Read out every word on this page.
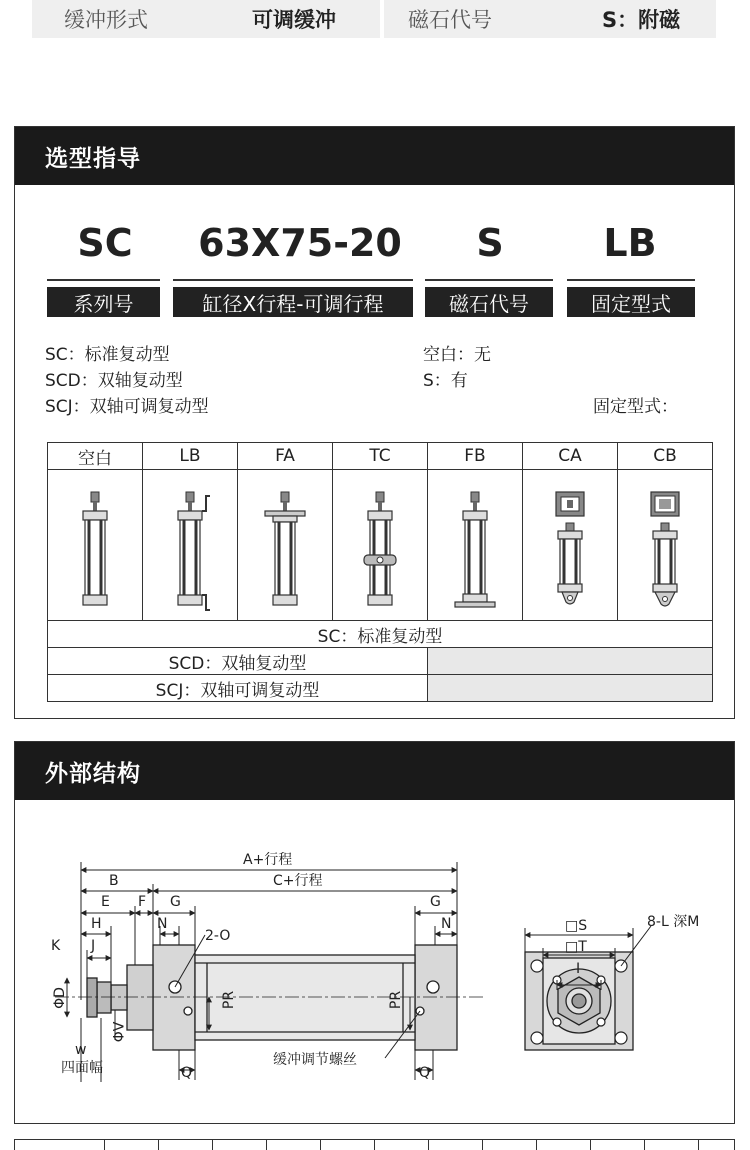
缓冲形式	可调缓冲	磁石代号	S：附磁
选型指导
SC	63X75-20	S	LB
系列号	缸径X行程-可调行程	磁石代号	固定型式
SC：标准复动型
SCD：双轴复动型
SCJ：双轴可调复动型
空白：无
S：有
固定型式：
空白	LB	FA	TC	FB	CA	CB

SC：标准复动型						
SCD：双轴复动型						
SCJ：双轴可调复动型						
外部结构
A+行程
C+行程
B
E F G	G
H	N	N
2-O
K J
ΦD
ΦV
PR	PR
w
四面幅	Q	Q
缓冲调节螺丝
□S
□T
I
8-L 深M
